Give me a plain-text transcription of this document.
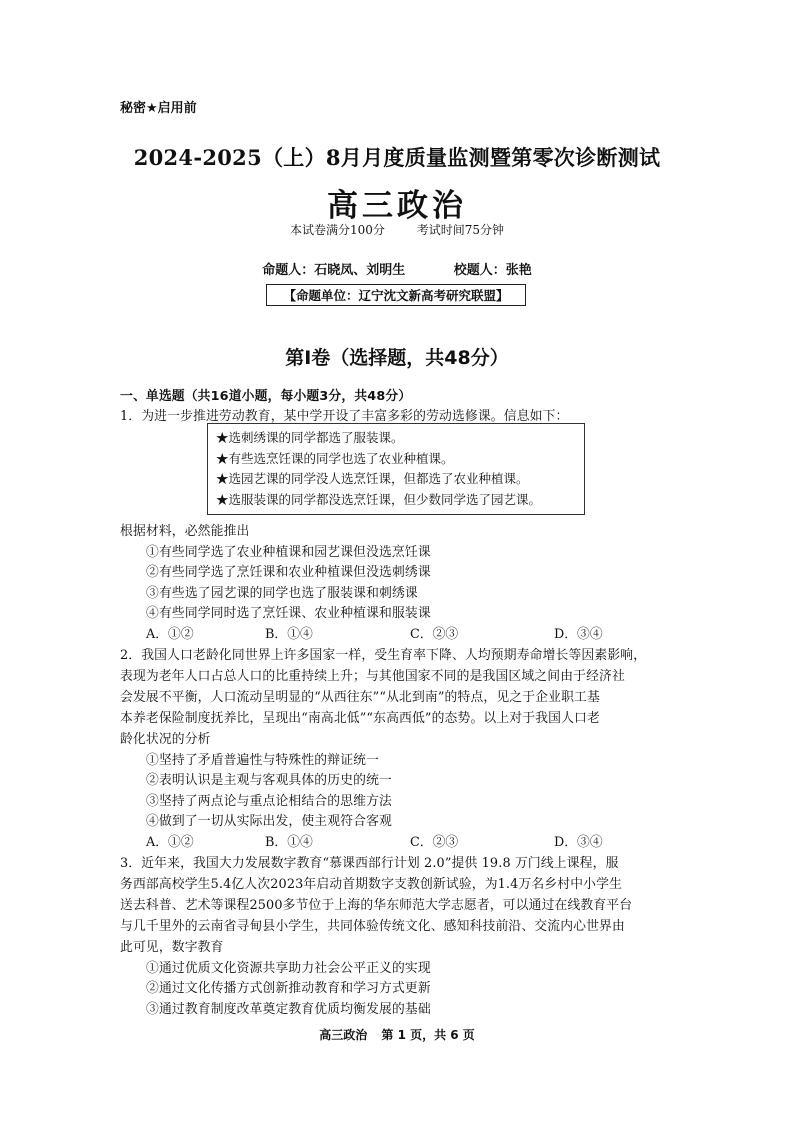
秘密★启用前
2024-2025（上）8月月度质量监测暨第零次诊断测试
高三政治
本试卷满分100分	考试时间75分钟
命题人：石晓凤、刘明生	校题人：张艳
【命题单位：辽宁沈文新高考研究联盟】
第Ⅰ卷（选择题，共48分）
一、单选题（共16道小题，每小题3分，共48分）
1．为进一步推进劳动教育，某中学开设了丰富多彩的劳动选修课。信息如下：
★选刺绣课的同学都选了服装课。
★有些选烹饪课的同学也选了农业种植课。
★选园艺课的同学没人选烹饪课，但都选了农业种植课。
★选服装课的同学都没选烹饪课，但少数同学选了园艺课。
根据材料，必然能推出
①有些同学选了农业种植课和园艺课但没选烹饪课
②有些同学选了烹饪课和农业种植课但没选刺绣课
③有些选了园艺课的同学也选了服装课和刺绣课
④有些同学同时选了烹饪课、农业种植课和服装课
A．①②	B．①④	C．②③	D．③④
2．我国人口老龄化同世界上许多国家一样，受生育率下降、人均预期寿命增长等因素影响，
表现为老年人口占总人口的比重持续上升；与其他国家不同的是我国区域之间由于经济社
会发展不平衡，人口流动呈明显的“从西往东”“从北到南”的特点，见之于企业职工基
本养老保险制度抚养比，呈现出“南高北低”“东高西低”的态势。以上对于我国人口老
龄化状况的分析
①坚持了矛盾普遍性与特殊性的辩证统一
②表明认识是主观与客观具体的历史的统一
③坚持了两点论与重点论相结合的思维方法
④做到了一切从实际出发，使主观符合客观
A．①②	B．①④	C．②③	D．③④
3．近年来，我国大力发展数字教育“慕课西部行计划 2.0”提供 19.8 万门线上课程，服
务西部高校学生5.4亿人次2023年启动首期数字支教创新试验，为1.4万名乡村中小学生
送去科普、艺术等课程2500多节位于上海的华东师范大学志愿者，可以通过在线教育平台
与几千里外的云南省寻甸县小学生，共同体验传统文化、感知科技前沿、交流内心世界由
此可见，数字教育
①通过优质文化资源共享助力社会公平正义的实现
②通过文化传播方式创新推动教育和学习方式更新
③通过教育制度改革奠定教育优质均衡发展的基础
高三政治 第 1 页，共 6 页
